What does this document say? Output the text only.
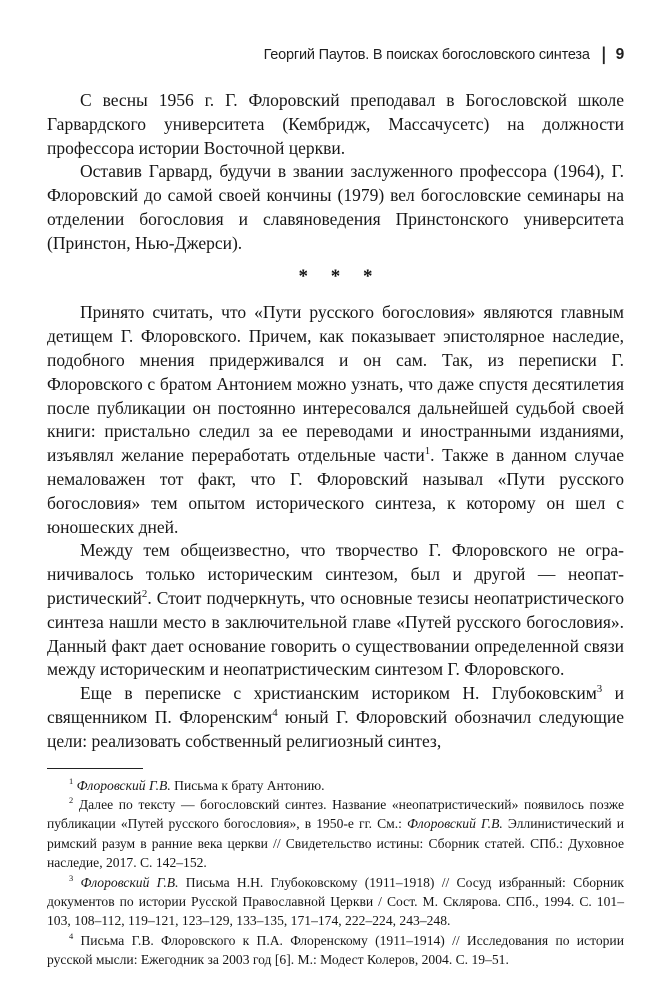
Георгий Паутов. В поисках богословского синтеза | 9

С весны 1956 г. Г. Флоровский преподавал в Богословской школе Гарвардского университета (Кембридж, Массачусетс) на должности профессора истории Восточной церкви.

Оставив Гарвард, будучи в звании заслуженного профессора (1964), Г. Флоровский до самой своей кончины (1979) вел богословские семинары на отделении богословия и славяноведения Принстонского университета (Принстон, Нью-Джерси).

* * *

Принято считать, что «Пути русского богословия» являются главным детищем Г. Флоровского. Причем, как показывает эпистолярное наследие, подобного мнения придерживался и он сам. Так, из переписки Г. Флоровского с братом Антонием можно узнать, что даже спустя десятилетия после публикации он постоянно интересовался дальнейшей судьбой своей книги: пристально следил за ее переводами и иностранными изданиями, изъявлял желание переработать отдельные части$^1$. Также в данном случае немаловажен тот факт, что Г. Флоровский называл «Пути русского богословия» тем опытом исторического синтеза, к которому он шел с юношеских дней.

Между тем общеизвестно, что творчество Г. Флоровского не ограничивалось только историческим синтезом, был и другой — неопатристический$^2$. Стоит подчеркнуть, что основные тезисы неопатристического синтеза нашли место в заключительной главе «Путей русского богословия». Данный факт дает основание говорить о существовании определенной связи между историческим и неопатристическим синтезом Г. Флоровского.

Еще в переписке с христианским историком Н. Глубоковским$^3$ и священником П. Флоренским$^4$ юный Г. Флоровский обозначил следующие цели: реализовать собственный религиозный синтез,

$^1$ Флоровский Г.В. Письма к брату Антонию.

$^2$ Далее по тексту — богословский синтез. Название «неопатристический» появилось позже публикации «Путей русского богословия», в 1950-е гг. См.: Флоровский Г.В. Эллинистический и римский разум в ранние века церкви // Свидетельство истины: Сборник статей. СПб.: Духовное наследие, 2017. С. 142–152.

$^3$ Флоровский Г.В. Письма Н.Н. Глубоковскому (1911–1918) // Сосуд избранный: Сборник документов по истории Русской Православной Церкви / Сост. М. Склярова. СПб., 1994. С. 101–103, 108–112, 119–121, 123–129, 133–135, 171–174, 222–224, 243–248.

$^4$ Письма Г.В. Флоровского к П.А. Флоренскому (1911–1914) // Исследования по истории русской мысли: Ежегодник за 2003 год [6]. М.: Модест Колеров, 2004. С. 19–51.
